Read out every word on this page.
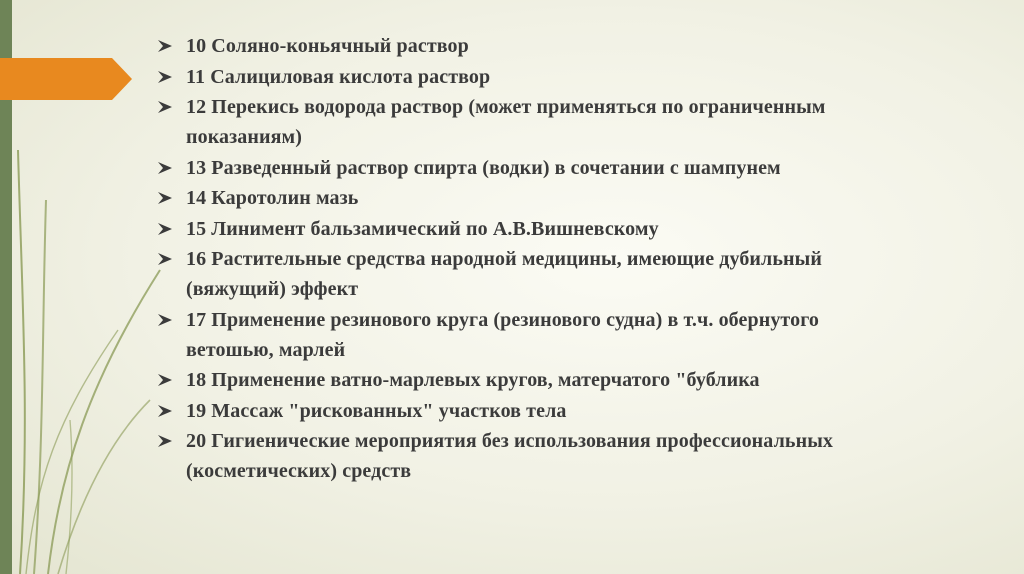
10 Соляно-коньячный раствор
11 Салициловая кислота раствор
12 Перекись водорода раствор (может применяться по ограниченным показаниям)
13 Разведенный раствор спирта (водки) в сочетании с шампунем
14 Каротолин мазь
15 Линимент бальзамический по А.В.Вишневскому
16 Растительные средства народной медицины, имеющие дубильный (вяжущий) эффект
17 Применение резинового круга (резинового судна) в т.ч. обернутого ветошью, марлей
18 Применение ватно-марлевых кругов, матерчатого "бублика
19 Массаж "рискованных" участков тела
20 Гигиенические мероприятия без использования профессиональных (косметических) средств
